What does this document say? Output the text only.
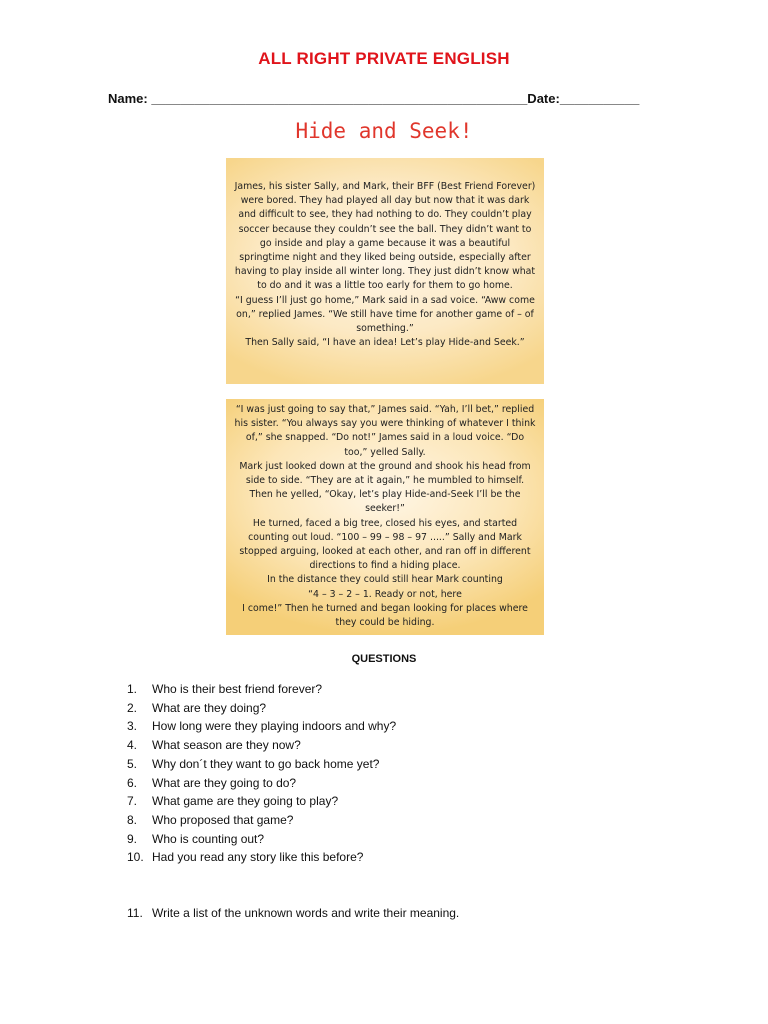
ALL RIGHT PRIVATE ENGLISH
Name: ____________________________________________________Date:___________
Hide and Seek!

James, his sister Sally, and Mark, their BFF (Best Friend Forever) were bored. They had played all day but now that it was dark and difficult to see, they had nothing to do. They couldn’t play soccer because they couldn’t see the ball. They didn’t want to go inside and play a game because it was a beautiful springtime night and they liked being outside, especially after having to play inside all winter long. They just didn’t know what to do and it was a little too early for them to go home.

“I guess I’ll just go home,” Mark said in a sad voice. “Aww come on,” replied James. “We still have time for another game of – of something.”

Then Sally said, “I have an idea! Let’s play Hide-and Seek.”

“I was just going to say that,” James said. “Yah, I’ll bet,” replied his sister. “You always say you were thinking of whatever I think of,” she snapped. “Do not!” James said in a loud voice. “Do too,” yelled Sally.

Mark just looked down at the ground and shook his head from side to side. “They are at it again,” he mumbled to himself. Then he yelled, “Okay, let’s play Hide-and-Seek I’ll be the seeker!”

He turned, faced a big tree, closed his eyes, and started counting out loud. “100 – 99 – 98 – 97 .....” Sally and Mark stopped arguing, looked at each other, and ran off in different directions to find a hiding place.

In the distance they could still hear Mark counting

“4 – 3 – 2 – 1. Ready or not, here

I come!” Then he turned and began looking for places where they could be hiding.

QUESTIONS
1. Who is their best friend forever?
2. What are they doing?
3. How long were they playing indoors and why?
4. What season are they now?
5. Why don´t they want to go back home yet?
6. What are they going to do?
7. What game are they going to play?
8. Who proposed that game?
9. Who is counting out?
10. Had you read any story like this before?
11. Write a list of the unknown words and write their meaning.
